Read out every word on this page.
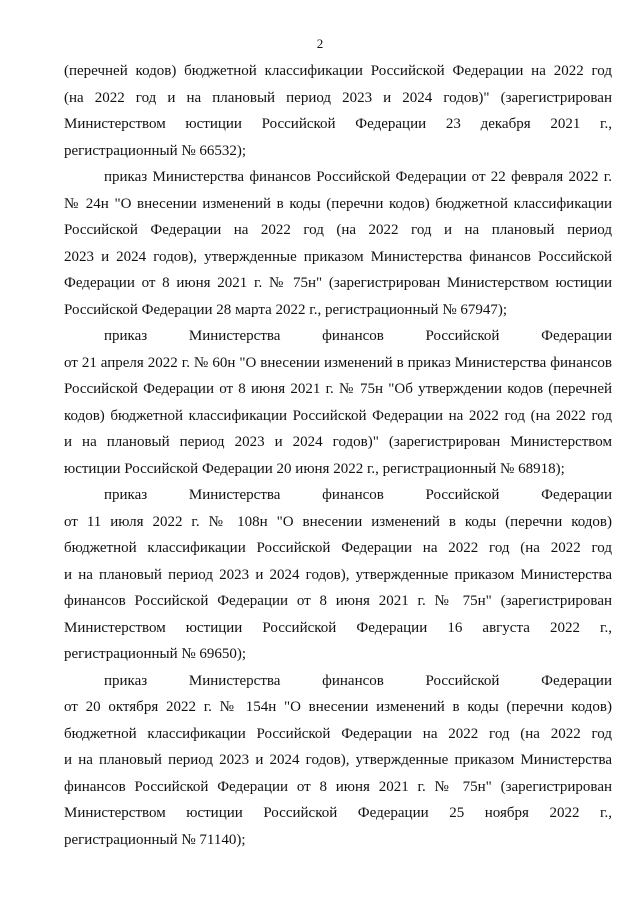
2
(перечней кодов) бюджетной классификации Российской Федерации на 2022 год
(на 2022 год и на плановый период 2023 и 2024 годов)" (зарегистрирован
Министерством юстиции Российской Федерации 23 декабря 2021 г.,
регистрационный № 66532);
приказ Министерства финансов Российской Федерации от 22 февраля 2022 г.
№ 24н "О внесении изменений в коды (перечни кодов) бюджетной классификации
Российской Федерации на 2022 год (на 2022 год и на плановый период
2023 и 2024 годов), утвержденные приказом Министерства финансов Российской
Федерации от 8 июня 2021 г. № 75н" (зарегистрирован Министерством юстиции
Российской Федерации 28 марта 2022 г., регистрационный № 67947);
приказ Министерства финансов Российской Федерации
от 21 апреля 2022 г. № 60н "О внесении изменений в приказ Министерства финансов
Российской Федерации от 8 июня 2021 г. № 75н "Об утверждении кодов (перечней
кодов) бюджетной классификации Российской Федерации на 2022 год (на 2022 год
и на плановый период 2023 и 2024 годов)" (зарегистрирован Министерством
юстиции Российской Федерации 20 июня 2022 г., регистрационный № 68918);
приказ Министерства финансов Российской Федерации
от 11 июля 2022 г. № 108н "О внесении изменений в коды (перечни кодов)
бюджетной классификации Российской Федерации на 2022 год (на 2022 год
и на плановый период 2023 и 2024 годов), утвержденные приказом Министерства
финансов Российской Федерации от 8 июня 2021 г. № 75н" (зарегистрирован
Министерством юстиции Российской Федерации 16 августа 2022 г.,
регистрационный № 69650);
приказ Министерства финансов Российской Федерации
от 20 октября 2022 г. № 154н "О внесении изменений в коды (перечни кодов)
бюджетной классификации Российской Федерации на 2022 год (на 2022 год
и на плановый период 2023 и 2024 годов), утвержденные приказом Министерства
финансов Российской Федерации от 8 июня 2021 г. № 75н" (зарегистрирован
Министерством юстиции Российской Федерации 25 ноября 2022 г.,
регистрационный № 71140);
